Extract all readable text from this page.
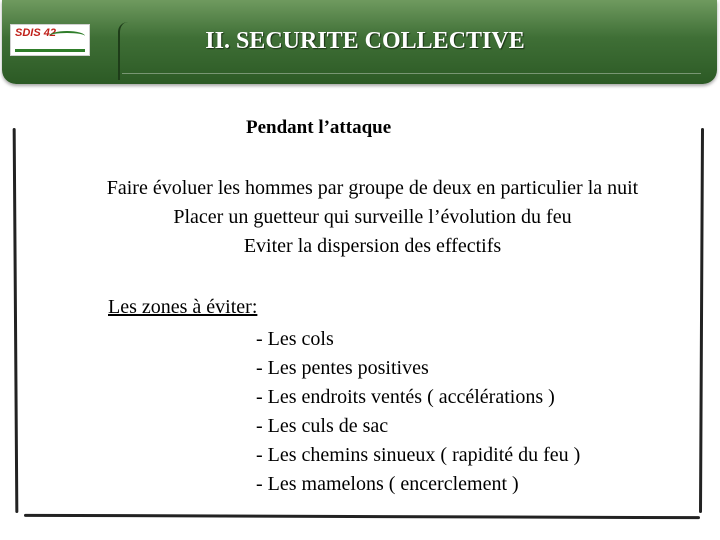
SDIS 42	II. SECURITE COLLECTIVE
Pendant l’attaque
Faire évoluer les hommes par groupe de deux en particulier la nuit
Placer un guetteur qui surveille l’évolution du feu
Eviter la dispersion des effectifs
Les zones à éviter:
- Les cols
- Les pentes positives
- Les endroits ventés ( accélérations )
- Les culs de sac
- Les chemins sinueux ( rapidité du feu )
- Les mamelons ( encerclement )
